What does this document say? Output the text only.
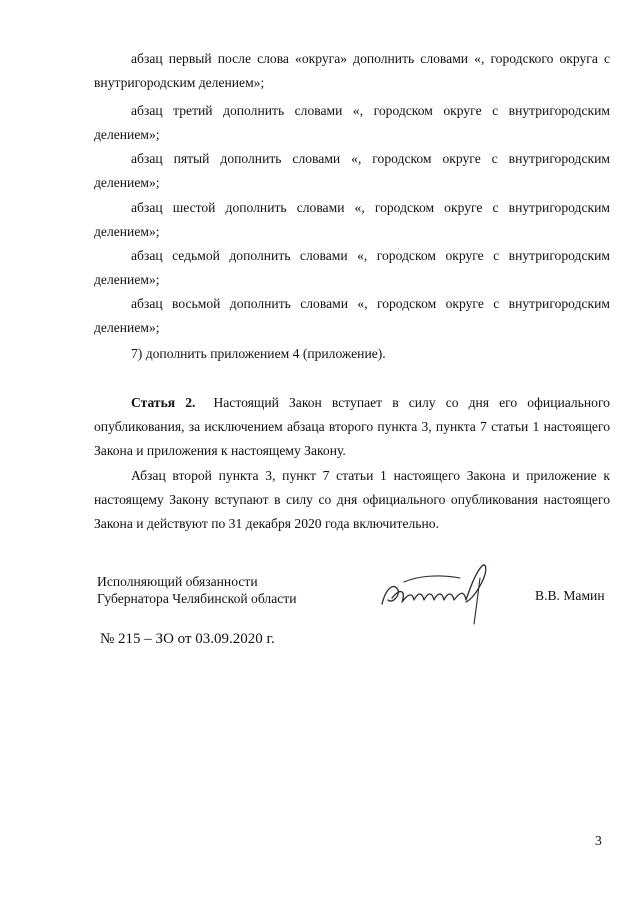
абзац первый после слова «округа» дополнить словами «, городского округа с внутригородским делением»;

абзац третий дополнить словами «, городском округе с внутригородским делением»;

абзац пятый дополнить словами «, городском округе с внутригородским делением»;

абзац шестой дополнить словами «, городском округе с внутригородским делением»;

абзац седьмой дополнить словами «, городском округе с внутригородским делением»;

абзац восьмой дополнить словами «, городском округе с внутригородским делением»;

7) дополнить приложением 4 (приложение).

Статья 2. Настоящий Закон вступает в силу со дня его официального опубликования, за исключением абзаца второго пункта 3, пункта 7 статьи 1 настоящего Закона и приложения к настоящему Закону.

Абзац второй пункта 3, пункт 7 статьи 1 настоящего Закона и приложение к настоящему Закону вступают в силу со дня официального опубликования настоящего Закона и действуют по 31 декабря 2020 года включительно.

Исполняющий обязанности
Губернатора Челябинской области	В.В. Мамин
№ 215 – ЗО от 03.09.2020 г.
3
